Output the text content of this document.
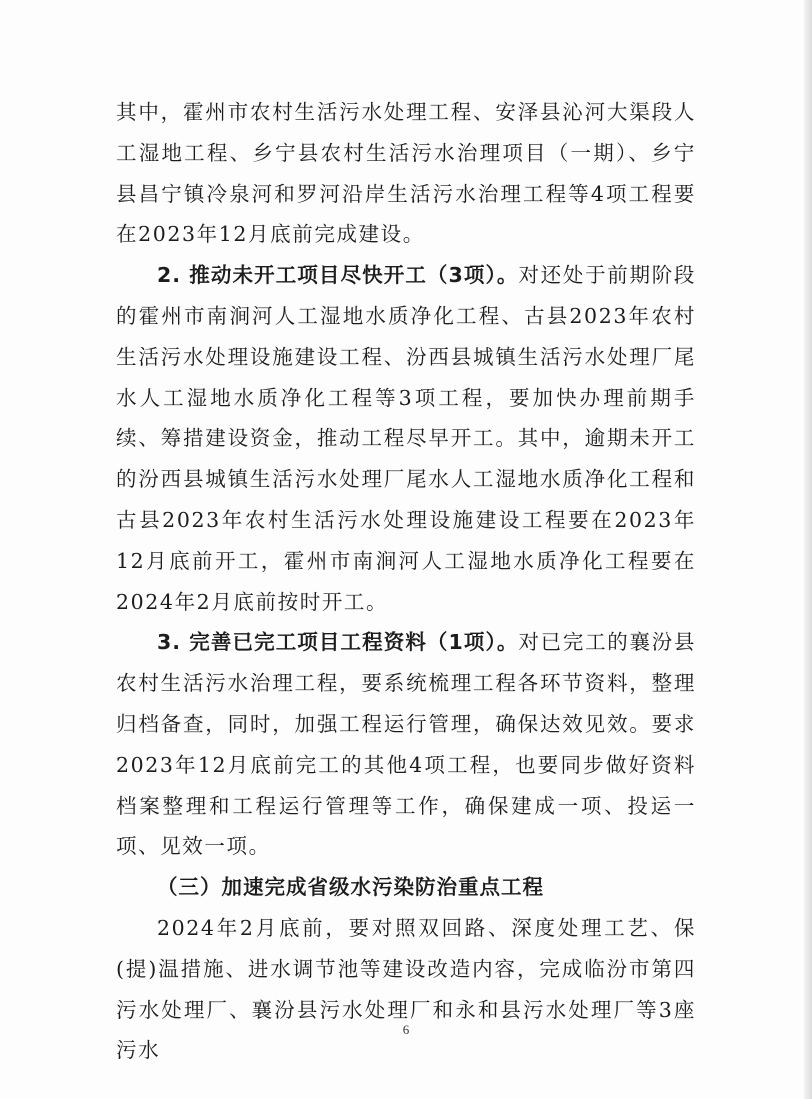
其中，霍州市农村生活污水处理工程、安泽县沁河大渠段人工湿地工程、乡宁县农村生活污水治理项目（一期）、乡宁县昌宁镇冷泉河和罗河沿岸生活污水治理工程等4项工程要在2023年12月底前完成建设。

2. 推动未开工项目尽快开工（3项）。对还处于前期阶段的霍州市南涧河人工湿地水质净化工程、古县2023年农村生活污水处理设施建设工程、汾西县城镇生活污水处理厂尾水人工湿地水质净化工程等3项工程，要加快办理前期手续、筹措建设资金，推动工程尽早开工。其中，逾期未开工的汾西县城镇生活污水处理厂尾水人工湿地水质净化工程和古县2023年农村生活污水处理设施建设工程要在2023年12月底前开工，霍州市南涧河人工湿地水质净化工程要在2024年2月底前按时开工。

3. 完善已完工项目工程资料（1项）。对已完工的襄汾县农村生活污水治理工程，要系统梳理工程各环节资料，整理归档备查，同时，加强工程运行管理，确保达效见效。要求2023年12月底前完工的其他4项工程，也要同步做好资料档案整理和工程运行管理等工作，确保建成一项、投运一项、见效一项。

（三）加速完成省级水污染防治重点工程

2024年2月底前，要对照双回路、深度处理工艺、保(提)温措施、进水调节池等建设改造内容，完成临汾市第四污水处理厂、襄汾县污水处理厂和永和县污水处理厂等3座污水

6
